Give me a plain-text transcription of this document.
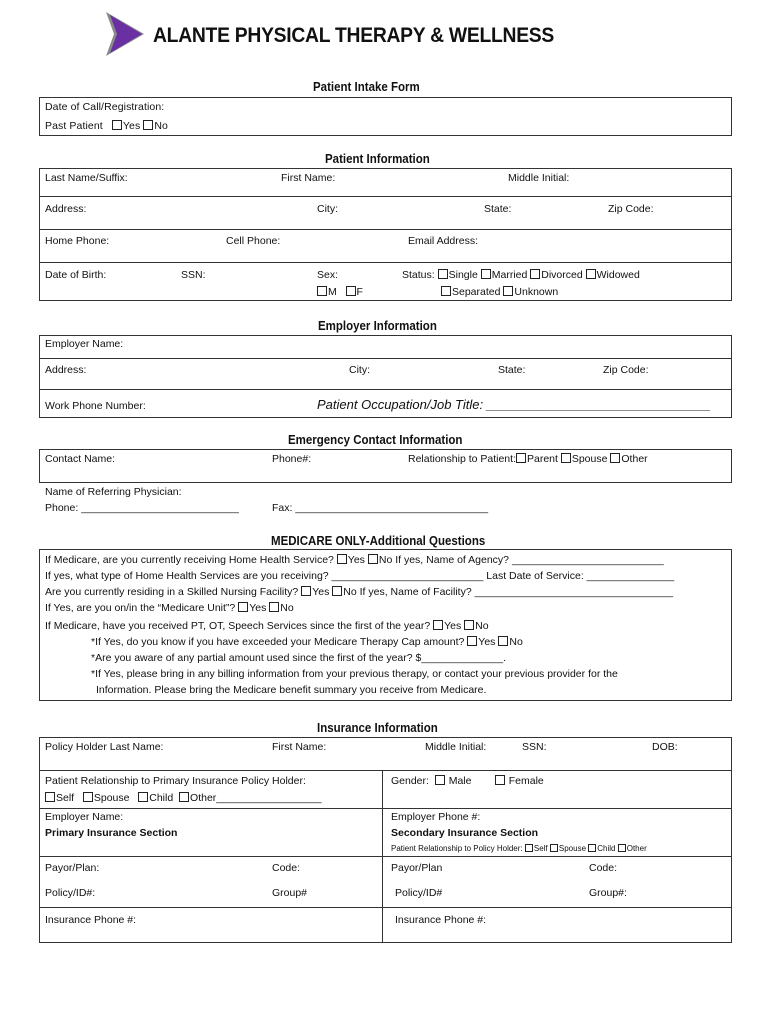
ALANTE PHYSICAL THERAPY & WELLNESS
Patient Intake Form
Date of Call/Registration:
Past Patient Yes No
Patient Information
Last Name/Suffix:	First Name:	Middle Initial:
Address:	City:	State:	Zip Code:
Home Phone:	Cell Phone:	Email Address:
Date of Birth:	SSN:	Sex:
M F
Status: Single Married Divorced Widowed
Separated Unknown
Employer Information
Employer Name:
Address:	City:	State:	Zip Code:
Work Phone Number:	Patient Occupation/Job Title: _______________________________
Emergency Contact Information
Contact Name:	Phone#:	Relationship to Patient: Parent Spouse Other
Name of Referring Physician:
Phone: ___________________________	Fax: _________________________________
MEDICARE ONLY-Additional Questions
If Medicare, are you currently receiving Home Health Service? Yes No If yes, Name of Agency? __________________________
If yes, what type of Home Health Services are you receiving? __________________________ Last Date of Service: _______________
Are you currently residing in a Skilled Nursing Facility? Yes No If yes, Name of Facility? __________________________________
If Yes, are you on/in the “Medicare Unit”? Yes No
If Medicare, have you received PT, OT, Speech Services since the first of the year? Yes No
*If Yes, do you know if you have exceeded your Medicare Therapy Cap amount? Yes No
*Are you aware of any partial amount used since the first of the year? $______________.
*If Yes, please bring in any billing information from your previous therapy, or contact your previous provider for the
Information. Please bring the Medicare benefit summary you receive from Medicare.
Insurance Information
Policy Holder Last Name:	First Name:	Middle Initial:	SSN:	DOB:
Patient Relationship to Primary Insurance Policy Holder:
Self Spouse Child Other__________________
Gender: Male	Female
Employer Name:	Employer Phone #:
Primary Insurance Section	Secondary Insurance Section
Patient Relationship to Policy Holder: Self Spouse Child Other
Payor/Plan:	Code:	Payor/Plan	Code:
Policy/ID#:	Group#	Policy/ID#	Group#:
Insurance Phone #:	Insurance Phone #:
